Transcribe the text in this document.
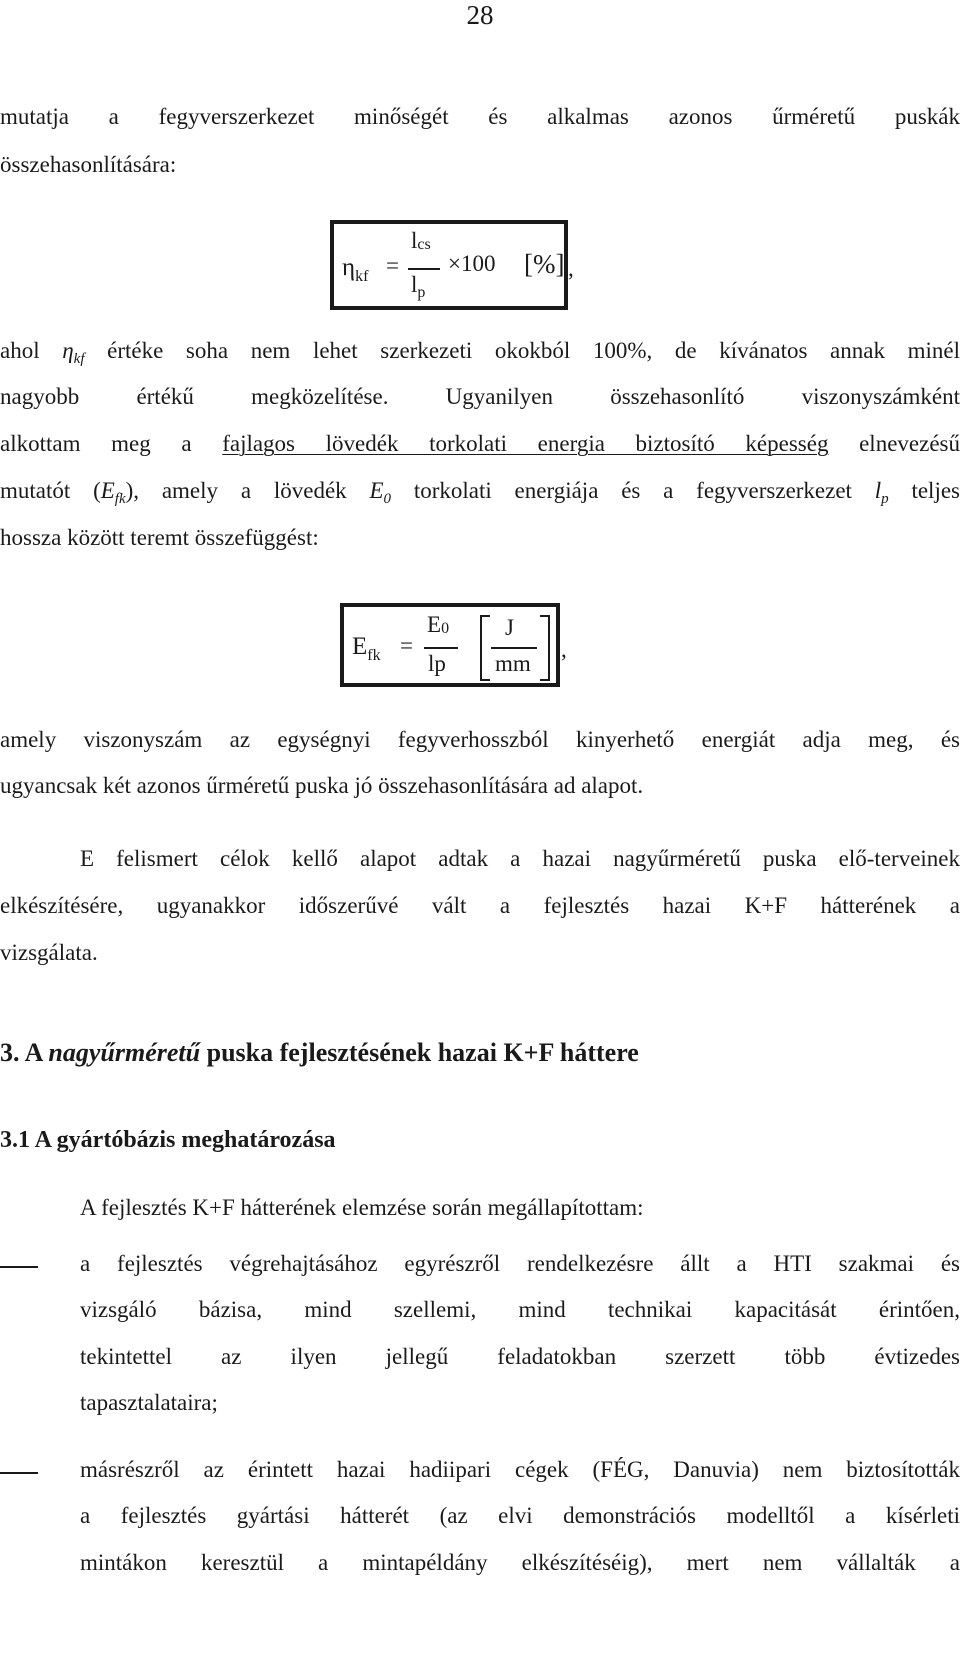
28
mutatja a fegyverszerkezet minőségét és alkalmas azonos űrméretű puskák
összehasonlítására:
$\eta_{kf}$ =
lcs
$l_p$
×100 [%] ,
ahol $\eta_{kf}$ értéke soha nem lehet szerkezeti okokból 100%, de kívánatos annak minél
nagyobb értékű megközelítése. Ugyanilyen összehasonlító viszonyszámként
alkottam meg a fajlagos lövedék torkolati energia biztosító képesség elnevezésű
mutatót $(E_{fk})$, amely a lövedék $E_0$ torkolati energiája és a fegyverszerkezet $l_p$ teljes
hossza között teremt összefüggést:
$E_{fk}$ =
E0
lp
J
mm
,
amely viszonyszám az egységnyi fegyverhosszból kinyerhető energiát adja meg, és
ugyancsak két azonos űrméretű puska jó összehasonlítására ad alapot.
E felismert célok kellő alapot adtak a hazai nagyűrméretű puska elő-terveinek
elkészítésére, ugyanakkor időszerűvé vált a fejlesztés hazai K+F hátterének a
vizsgálata.
3. A nagyűrméretű puska fejlesztésének hazai K+F háttere
3.1 A gyártóbázis meghatározása
A fejlesztés K+F hátterének elemzése során megállapítottam:
a fejlesztés végrehajtásához egyrészről rendelkezésre állt a HTI szakmai és
vizsgáló bázisa, mind szellemi, mind technikai kapacitását érintően,
tekintettel az ilyen jellegű feladatokban szerzett több évtizedes
tapasztalataira;
másrészről az érintett hazai hadiipari cégek (FÉG, Danuvia) nem biztosították
a fejlesztés gyártási hátterét (az elvi demonstrációs modelltől a kísérleti
mintákon keresztül a mintapéldány elkészítéséig), mert nem vállalták a
